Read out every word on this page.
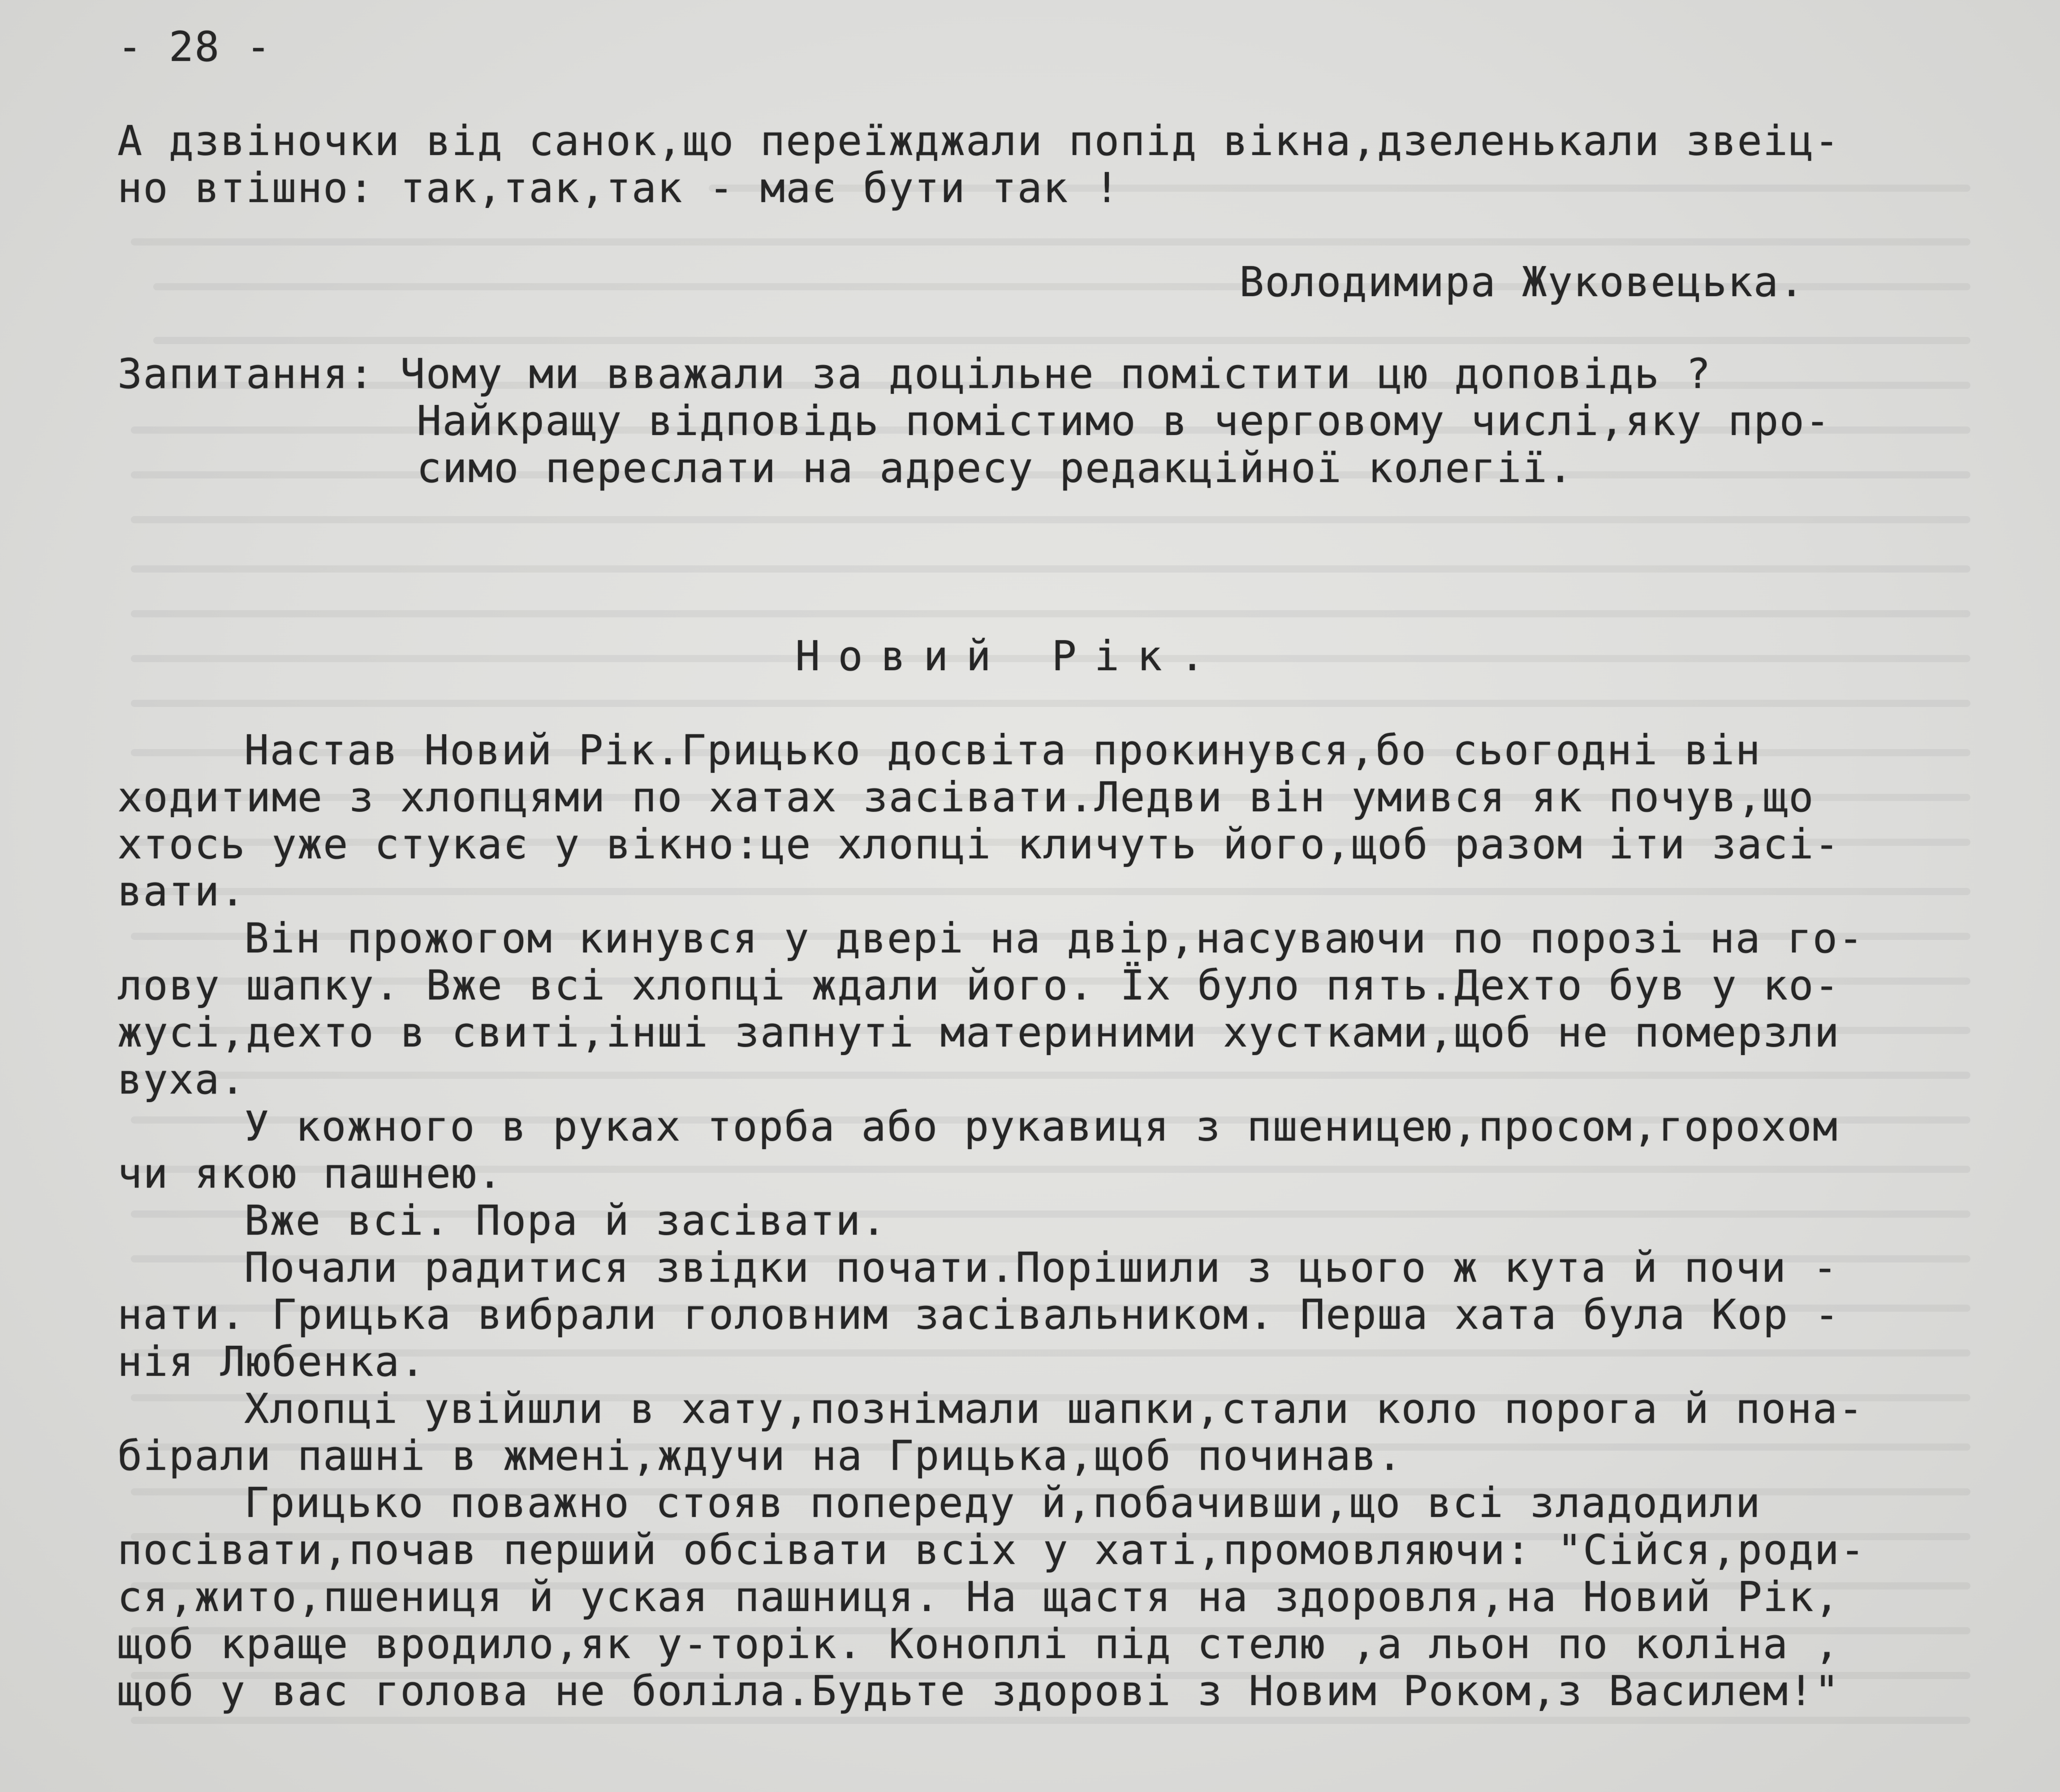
- 28 -

А дзвіночки від санок,що переїжджали попід вікна,дзеленькали звеіц-

но втішно: так,так,так - має бути так !

Володимира Жуковецька.

Запитання: Чому ми вважали за доцільне помістити цю доповідь ?

Найкращу відповідь помістимо в черговому числі,яку про-

симо переслати на адресу редакційної колегії.

Новий Рік.

Настав Новий Рік.Грицько досвіта прокинувся,бо сьогодні він

ходитиме з хлопцями по хатах засівати.Ледви він умився як почув,що

хтось уже стукає у вікно:це хлопці кличуть його,щоб разом іти засі-

вати.

Він прожогом кинувся у двері на двір,насуваючи по порозі на го-

лову шапку. Вже всі хлопці ждали його. Їх було пять.Дехто був у ко-

жусі,дехто в свиті,інші запнуті материними хустками,щоб не померзли

вуха.

У кожного в руках торба або рукавиця з пшеницею,просом,горохом

чи якою пашнею.

Вже всі. Пора й засівати.

Почали радитися звідки почати.Порішили з цього ж кута й почи -

нати. Грицька вибрали головним засівальником. Перша хата була Кор -

нія Любенка.

Хлопці увійшли в хату,познімали шапки,стали коло порога й пона-

бірали пашні в жмені,ждучи на Грицька,щоб починав.

Грицько поважно стояв попереду й,побачивши,що всі зладодили

посівати,почав перший обсівати всіх у хаті,промовляючи: "Сійся,роди-

ся,жито,пшениця й уская пашниця. На щастя на здоровля,на Новий Рік,

щоб краще вродило,як у-торік. Коноплі під стелю ,а льон по коліна ,

щоб у вас голова не боліла.Будьте здорові з Новим Роком,з Василем!"
